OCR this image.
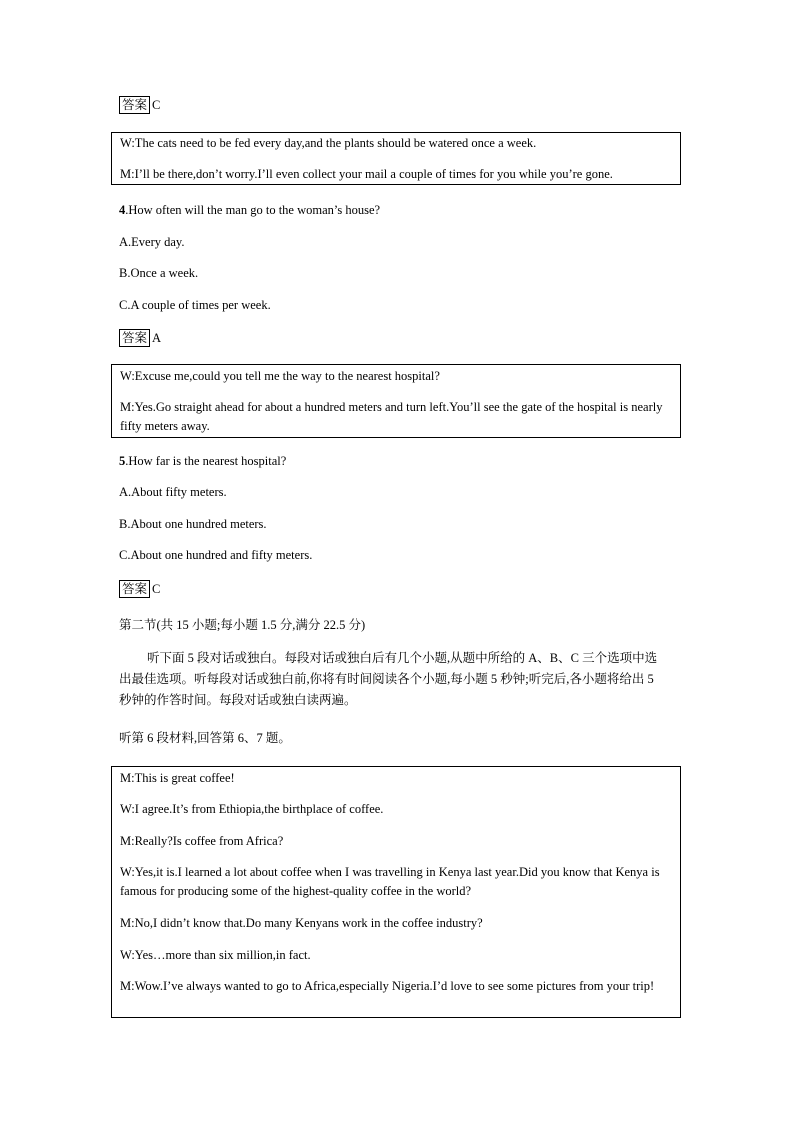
答案 C
W:The cats need to be fed every day,and the plants should be watered once a week.
M:I’ll be there,don’t worry.I’ll even collect your mail a couple of times for you while you’re gone.
4.How often will the man go to the woman’s house?
A.Every day.
B.Once a week.
C.A couple of times per week.
答案 A
W:Excuse me,could you tell me the way to the nearest hospital?
M:Yes.Go straight ahead for about a hundred meters and turn left.You’ll see the gate of the hospital is nearly fifty meters away.
5.How far is the nearest hospital?
A.About fifty meters.
B.About one hundred meters.
C.About one hundred and fifty meters.
答案 C
第二节(共 15 小题;每小题 1.5 分,满分 22.5 分)
听下面 5 段对话或独白。每段对话或独白后有几个小题,从题中所给的 A、B、C 三个选项中选出最佳选项。听每段对话或独白前,你将有时间阅读各个小题,每小题 5 秒钟;听完后,各小题将给出 5 秒钟的作答时间。每段对话或独白读两遍。
听第 6 段材料,回答第 6、7 题。
M:This is great coffee!
W:I agree.It’s from Ethiopia,the birthplace of coffee.
M:Really?Is coffee from Africa?
W:Yes,it is.I learned a lot about coffee when I was travelling in Kenya last year.Did you know that Kenya is famous for producing some of the highest-quality coffee in the world?
M:No,I didn’t know that.Do many Kenyans work in the coffee industry?
W:Yes…more than six million,in fact.
M:Wow.I’ve always wanted to go to Africa,especially Nigeria.I’d love to see some pictures from your trip!
